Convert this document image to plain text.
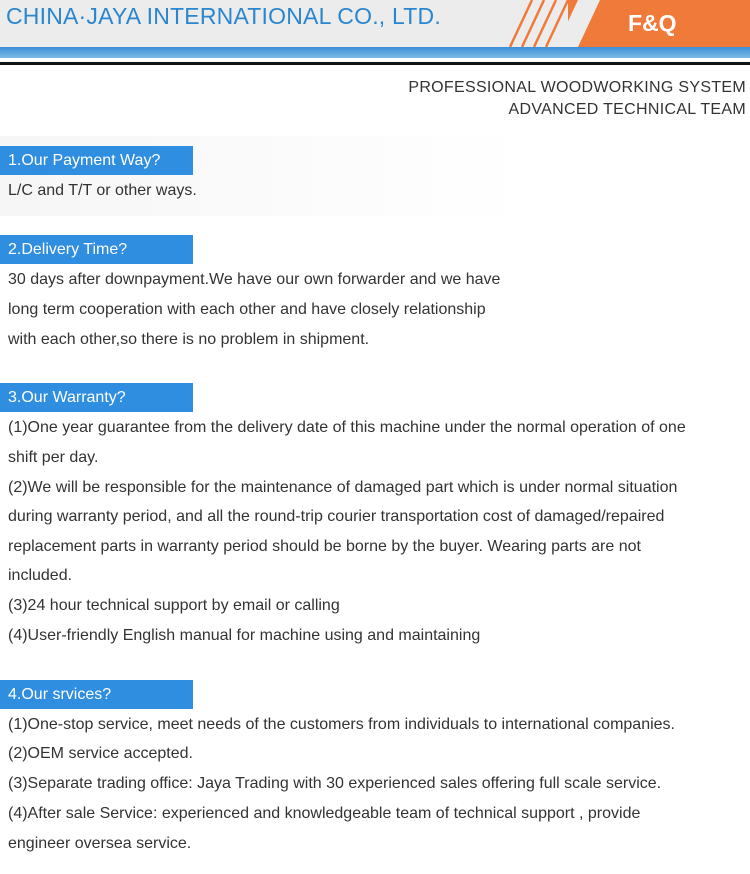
CHINA·JAYA INTERNATIONAL CO., LTD.	F&Q
PROFESSIONAL WOODWORKING SYSTEM
ADVANCED TECHNICAL TEAM
1.Our Payment Way?
L/C and T/T or other ways.
2.Delivery Time?
30 days after downpayment.We have our own forwarder and we have
long term cooperation with each other and have closely relationship
with each other,so there is no problem in shipment.
3.Our Warranty?
(1)One year guarantee from the delivery date of this machine under the normal operation of one
shift per day.
(2)We will be responsible for the maintenance of damaged part which is under normal situation
during warranty period, and all the round-trip courier transportation cost of damaged/repaired
replacement parts in warranty period should be borne by the buyer. Wearing parts are not
included.
(3)24 hour technical support by email or calling
(4)User-friendly English manual for machine using and maintaining
4.Our srvices?
(1)One-stop service, meet needs of the customers from individuals to international companies.
(2)OEM service accepted.
(3)Separate trading office: Jaya Trading with 30 experienced sales offering full scale service.
(4)After sale Service: experienced and knowledgeable team of technical support , provide
engineer oversea service.
